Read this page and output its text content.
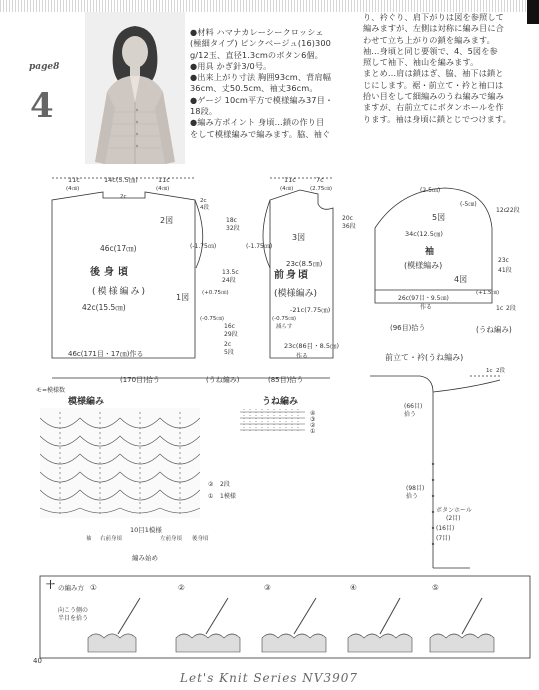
page8
4
●材料 ハマナカレーシークロッシェ
(極細タイプ) ピンクベージュ(16)300
g/12玉、直径1.3cmのボタン6個。
●用具 かぎ針3/0号。
●出来上がり寸法 胸囲93cm、背肩幅
36cm、丈50.5cm、袖丈36cm。
●ゲージ 10cm平方で模様編み37目・
18段。
●編み方ポイント 身頃…鎖の作り目
をして模様編みで編みます。脇、袖ぐ
り、衿ぐり、肩下がりは図を参照して
編みますが、左側は対称に編み目に合
わせて立ち上がりの鎖を編みます。
袖…身頃と同じ要領で、4、5図を参
照して袖下、袖山を編みます。
まとめ…肩は鎖はぎ、脇、袖下は鎖と
じにします。裾・前立て・衿と袖口は
拾い目をして細編みのうね編みで編み
ますが、右前立てにボタンホールを作
ります。袖は身頃に鎖とじでつけます。
11c
(4㎝)
14c(5.5㎝)	11c
(4㎝)
2c
2c
4段
2図
(-1.75㎝)
46c(17㎝)
後身頃
(模様編み)
1図
42c(15.5㎝)
46c(171目・17㎝)作る
(170目)拾う
18c
32段
13.5c
24段
(+0.75㎝)
(-0.75㎝)
16c
29段
2c
5段
(うね編み)
11c
(4㎝)
7c
(2.75㎝)
20c
36段
(-1.75㎝)
3図
23c(8.5㎝)
前身頃
(模様編み)
-21c(7.75㎝)
(-0.75㎝)
減らす
23c(86目・8.5㎝)
作る
(85目)拾う
(2.5㎝)
(-5㎝)
12c 22段
5図
34c(12.5㎝)
袖
(模様編み)
23c
41段
4図
(+1.5㎝)
26c(97目・9.5㎝)
作る	1c 2段
(96目)拾う	(うね編み)
前立て・衿(うね編み)
1c 2段
(66目)
拾う
(98目)
拾う
ボタンホール
(2目)
(16目)
(7目)
モ=模様数
模様編み
② 2段
① 1模様
10目1模様
袖 右前身頃	左前身頃 後身頃
編み始め
うね編み
④
③
②
①
の編み方
⼗	①	②	③	④	⑤
向こう側の
半目を拾う
40
Let's Knit Series NV3907
